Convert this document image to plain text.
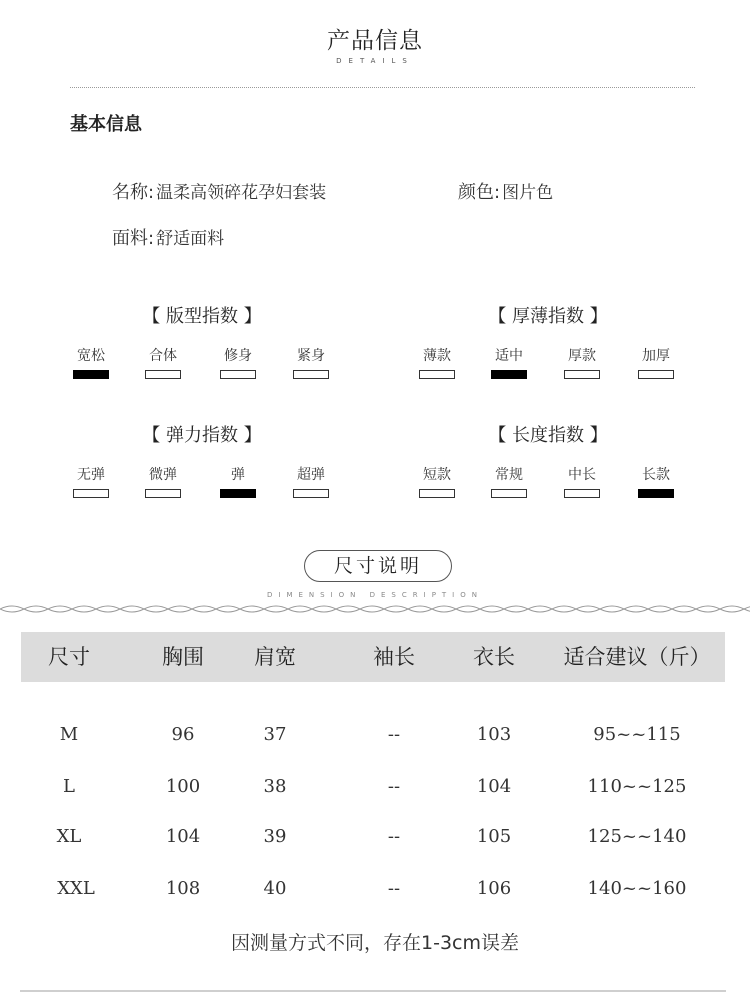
产品信息
DETAILS
基本信息
名称: 温柔高领碎花孕妇套装	颜色: 图片色
面料: 舒适面料
【 版型指数 】	【 厚薄指数 】
【 弹力指数 】	【 长度指数 】
宽松	合体	修身	紧身	薄款	适中	厚款	加厚
无弹	微弹	弹	超弹	短款	常规	中长	长款
尺寸说明
DIMENSION DESCRIPTION
尺寸	胸围	肩宽	袖长	衣长	适合建议（斤）
M	96	37	--	103	95~~115
L	100	38	--	104	110~~125
XL	104	39	--	105	125~~140
XXL	108	40	--	106	140~~160
因测量方式不同，存在1-3cm误差
